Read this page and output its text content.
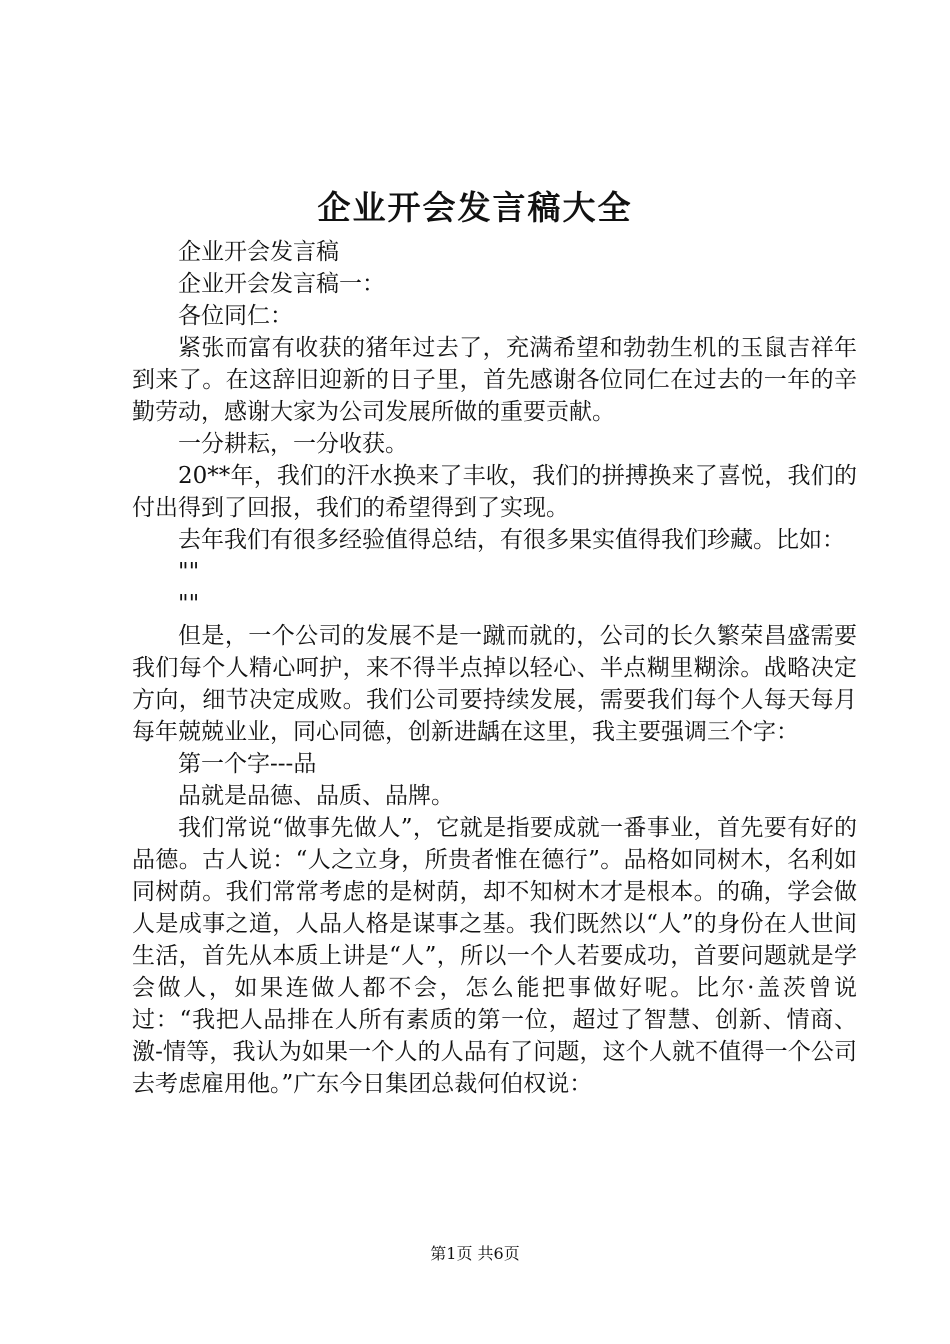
企业开会发言稿大全

企业开会发言稿

企业开会发言稿一：

各位同仁：

紧张而富有收获的猪年过去了，充满希望和勃勃生机的玉鼠吉祥年到来了。在这辞旧迎新的日子里，首先感谢各位同仁在过去的一年的辛勤劳动，感谢大家为公司发展所做的重要贡献。

一分耕耘，一分收获。

20**年，我们的汗水换来了丰收，我们的拼搏换来了喜悦，我们的付出得到了回报，我们的希望得到了实现。

去年我们有很多经验值得总结，有很多果实值得我们珍藏。比如：

""

""

但是，一个公司的发展不是一蹴而就的，公司的长久繁荣昌盛需要我们每个人精心呵护，来不得半点掉以轻心、半点糊里糊涂。战略决定方向，细节决定成败。我们公司要持续发展，需要我们每个人每天每月每年兢兢业业，同心同德，创新进龋在这里，我主要强调三个字：

第一个字---品

品就是品德、品质、品牌。

我们常说“做事先做人”，它就是指要成就一番事业，首先要有好的品德。古人说：“人之立身，所贵者惟在德行”。品格如同树木，名利如同树荫。我们常常考虑的是树荫，却不知树木才是根本。的确，学会做人是成事之道，人品人格是谋事之基。我们既然以“人”的身份在人世间生活，首先从本质上讲是“人”，所以一个人若要成功，首要问题就是学会做人，如果连做人都不会，怎么能把事做好呢。比尔·盖茨曾说过：“我把人品排在人所有素质的第一位，超过了智慧、创新、情商、激-情等，我认为如果一个人的人品有了问题，这个人就不值得一个公司去考虑雇用他。”广东今日集团总裁何伯权说：

第1页 共6页
